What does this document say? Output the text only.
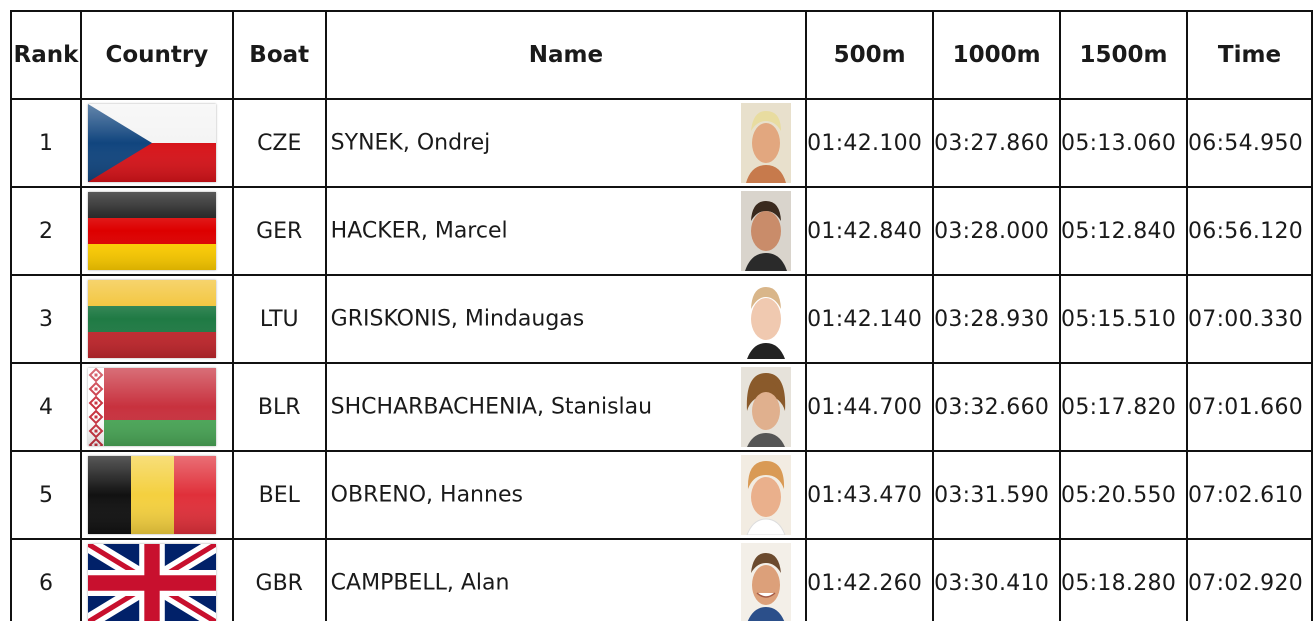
Rank	Country	Boat	Name	500m	1000m	1500m	Time
1		CZE	SYNEK, Ondrej	01:42.100	03:27.860	05:13.060	06:54.950
2		GER	HACKER, Marcel	01:42.840	03:28.000	05:12.840	06:56.120
3		LTU	GRISKONIS, Mindaugas	01:42.140	03:28.930	05:15.510	07:00.330
4		BLR	SHCHARBACHENIA, Stanislau	01:44.700	03:32.660	05:17.820	07:01.660
5		BEL	OBRENO, Hannes	01:43.470	03:31.590	05:20.550	07:02.610
6		GBR	CAMPBELL, Alan	01:42.260	03:30.410	05:18.280	07:02.920
